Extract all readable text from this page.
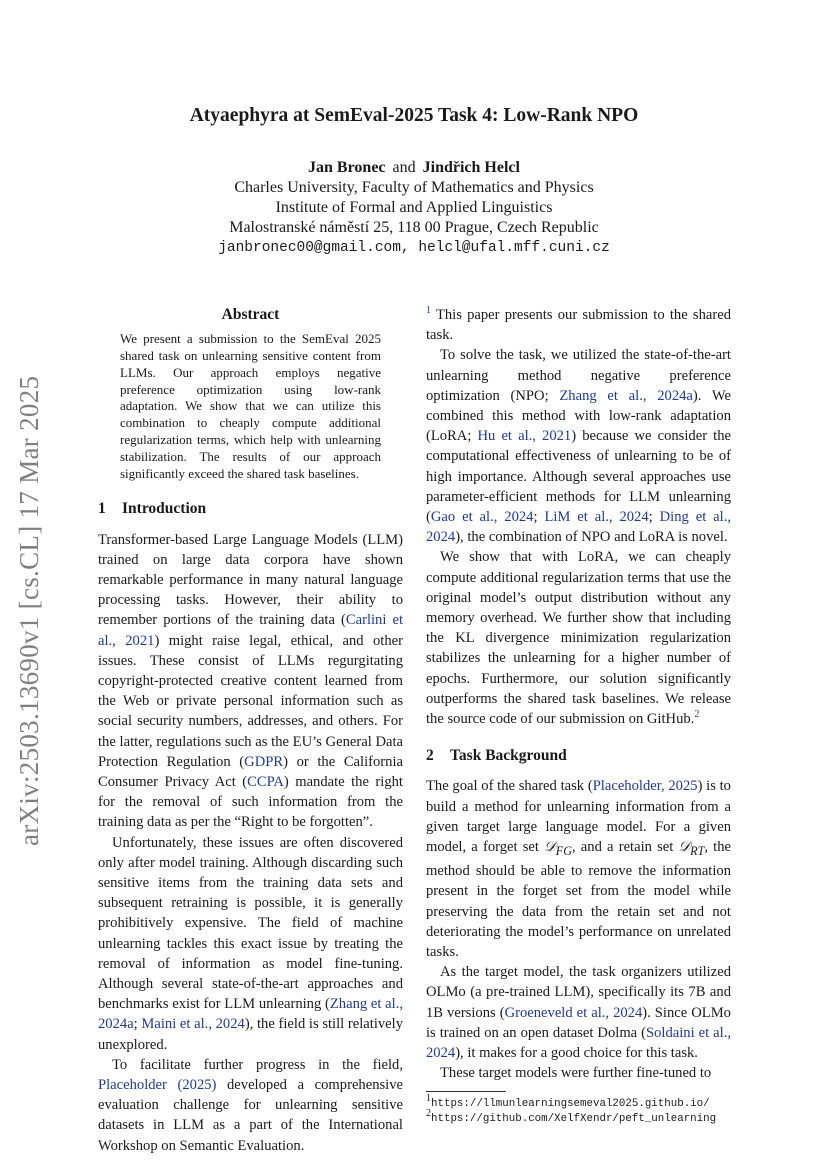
arXiv:2503.13690v1 [cs.CL] 17 Mar 2025
Atyaephyra at SemEval-2025 Task 4: Low-Rank NPO
Jan Bronec and Jindřich Helcl
Charles University, Faculty of Mathematics and Physics
Institute of Formal and Applied Linguistics
Malostranské náměstí 25, 118 00 Prague, Czech Republic
janbronec00@gmail.com, helcl@ufal.mff.cuni.cz
Abstract

We present a submission to the SemEval 2025 shared task on unlearning sensitive content from LLMs. Our approach employs negative preference optimization using low-rank adaptation. We show that we can utilize this combination to cheaply compute additional regularization terms, which help with unlearning stabilization. The results of our approach significantly exceed the shared task baselines.

1 Introduction

Transformer-based Large Language Models (LLM) trained on large data corpora have shown remarkable performance in many natural language processing tasks. However, their ability to remember portions of the training data (Carlini et al., 2021) might raise legal, ethical, and other issues. These consist of LLMs regurgitating copyright-protected creative content learned from the Web or private personal information such as social security numbers, addresses, and others. For the latter, regulations such as the EU’s General Data Protection Regulation (GDPR) or the California Consumer Privacy Act (CCPA) mandate the right for the removal of such information from the training data as per the “Right to be forgotten”.

Unfortunately, these issues are often discovered only after model training. Although discarding such sensitive items from the training data sets and subsequent retraining is possible, it is generally prohibitively expensive. The field of machine unlearning tackles this exact issue by treating the removal of information as model fine-tuning. Although several state-of-the-art approaches and benchmarks exist for LLM unlearning (Zhang et al., 2024a; Maini et al., 2024), the field is still relatively unexplored.

To facilitate further progress in the field, Placeholder (2025) developed a comprehensive evaluation challenge for unlearning sensitive datasets in LLM as a part of the International Workshop on Semantic Evaluation.

$^1$ This paper presents our submission to the shared task.

To solve the task, we utilized the state-of-the-art unlearning method negative preference optimization (NPO; Zhang et al., 2024a). We combined this method with low-rank adaptation (LoRA; Hu et al., 2021) because we consider the computational effectiveness of unlearning to be of high importance. Although several approaches use parameter-efficient methods for LLM unlearning (Gao et al., 2024; LiM et al., 2024; Ding et al., 2024), the combination of NPO and LoRA is novel.

We show that with LoRA, we can cheaply compute additional regularization terms that use the original model’s output distribution without any memory overhead. We further show that including the KL divergence minimization regularization stabilizes the unlearning for a higher number of epochs. Furthermore, our solution significantly outperforms the shared task baselines. We release the source code of our submission on GitHub.$^2$

2 Task Background

The goal of the shared task (Placeholder, 2025) is to build a method for unlearning information from a given target large language model. For a given model, a forget set 𝒟$_{FG}$, and a retain set 𝒟$_{RT}$, the method should be able to remove the information present in the forget set from the model while preserving the data from the retain set and not deteriorating the model’s performance on unrelated tasks.

As the target model, the task organizers utilized OLMo (a pre-trained LLM), specifically its 7B and 1B versions (Groeneveld et al., 2024). Since OLMo is trained on an open dataset Dolma (Soldaini et al., 2024), it makes for a good choice for this task.

These target models were further fine-tuned to

$^1$https://llmunlearningsemeval2025.github.io/
$^2$https://github.com/XelfXendr/peft_unlearning
